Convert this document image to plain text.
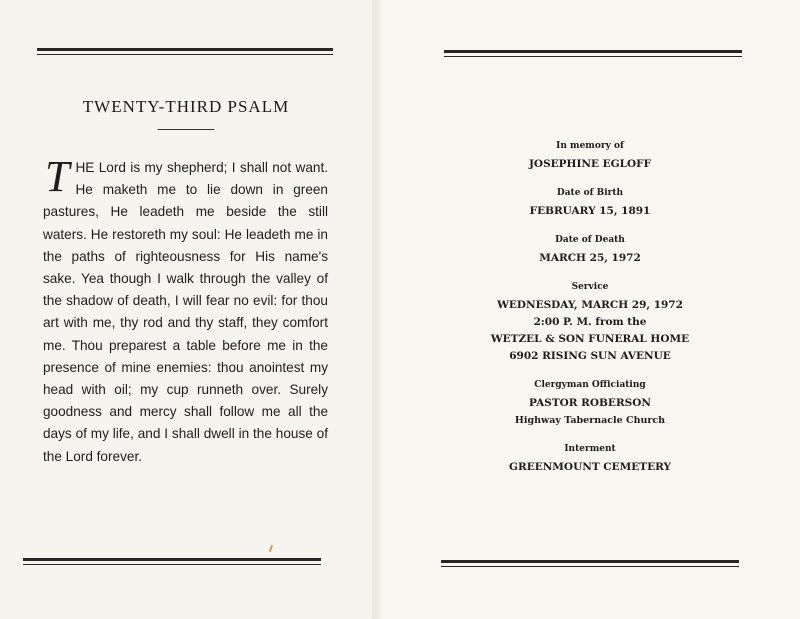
TWENTY-THIRD PSALM
THE Lord is my shepherd; I shall not want. He maketh me to lie down in green pastures, He leadeth me beside the still waters. He restoreth my soul: He leadeth me in the paths of righteousness for His name's sake. Yea though I walk through the valley of the shadow of death, I will fear no evil: for thou art with me, thy rod and thy staff, they comfort me. Thou preparest a table before me in the presence of mine enemies: thou anointest my head with oil; my cup runneth over. Surely goodness and mercy shall follow me all the days of my life, and I shall dwell in the house of the Lord forever.
In memory of
JOSEPHINE EGLOFF
Date of Birth
FEBRUARY 15, 1891
Date of Death
MARCH 25, 1972
Service
WEDNESDAY, MARCH 29, 1972
2:00 P. M. from the
WETZEL & SON FUNERAL HOME
6902 RISING SUN AVENUE
Clergyman Officiating
PASTOR ROBERSON
Highway Tabernacle Church
Interment
GREENMOUNT CEMETERY
